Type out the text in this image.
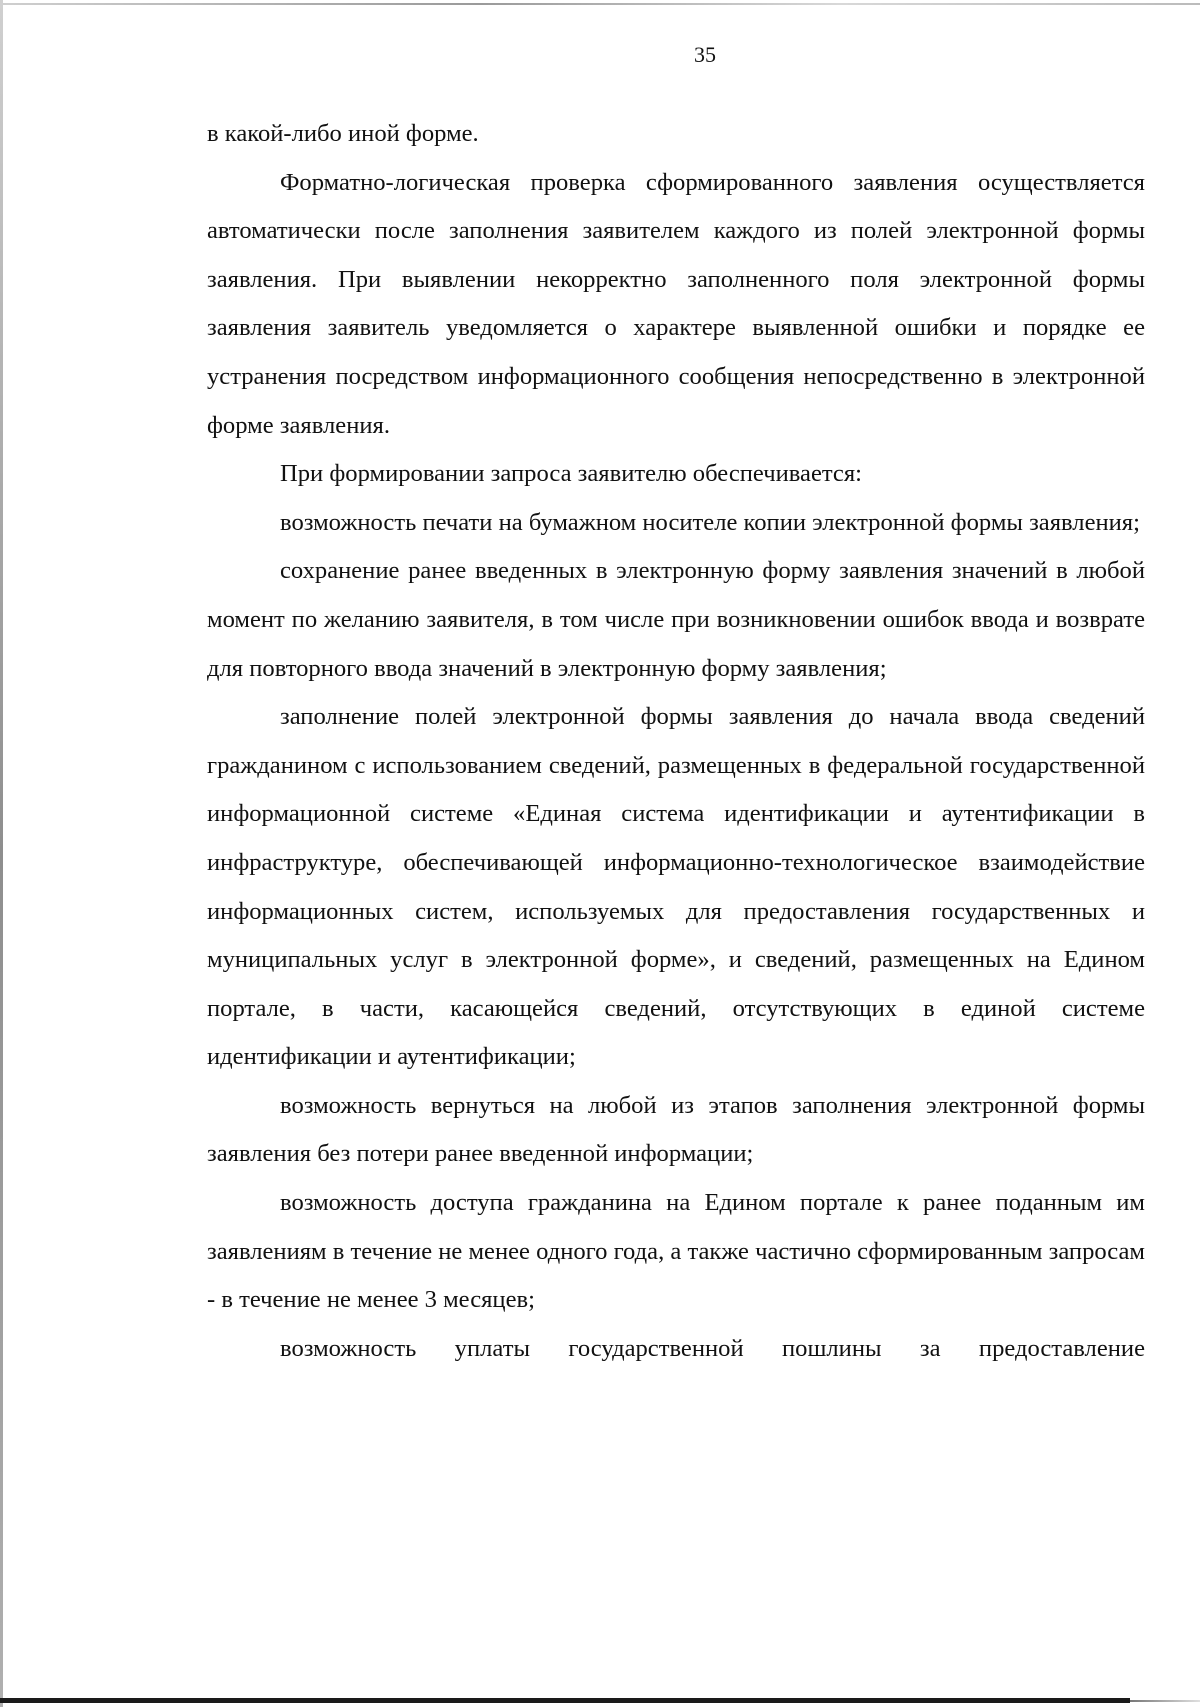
35

в какой-либо иной форме.

Форматно-логическая проверка сформированного заявления осуществляется автоматически после заполнения заявителем каждого из полей электронной формы заявления. При выявлении некорректно заполненного поля электронной формы заявления заявитель уведомляется о характере выявленной ошибки и порядке ее устранения посредством информационного сообщения непосредственно в электронной форме заявления.

При формировании запроса заявителю обеспечивается:

возможность печати на бумажном носителе копии электронной формы заявления;

сохранение ранее введенных в электронную форму заявления значений в любой момент по желанию заявителя, в том числе при возникновении ошибок ввода и возврате для повторного ввода значений в электронную форму заявления;

заполнение полей электронной формы заявления до начала ввода сведений гражданином с использованием сведений, размещенных в федеральной государственной информационной системе «Единая система идентификации и аутентификации в инфраструктуре, обеспечивающей информационно-технологическое взаимодействие информационных систем, используемых для предоставления государственных и муниципальных услуг в электронной форме», и сведений, размещенных на Едином портале, в части, касающейся сведений, отсутствующих в единой системе идентификации и аутентификации;

возможность вернуться на любой из этапов заполнения электронной формы заявления без потери ранее введенной информации;

возможность доступа гражданина на Едином портале к ранее поданным им заявлениям в течение не менее одного года, а также частично сформированным запросам - в течение не менее 3 месяцев;

возможность уплаты государственной пошлины за предоставление
